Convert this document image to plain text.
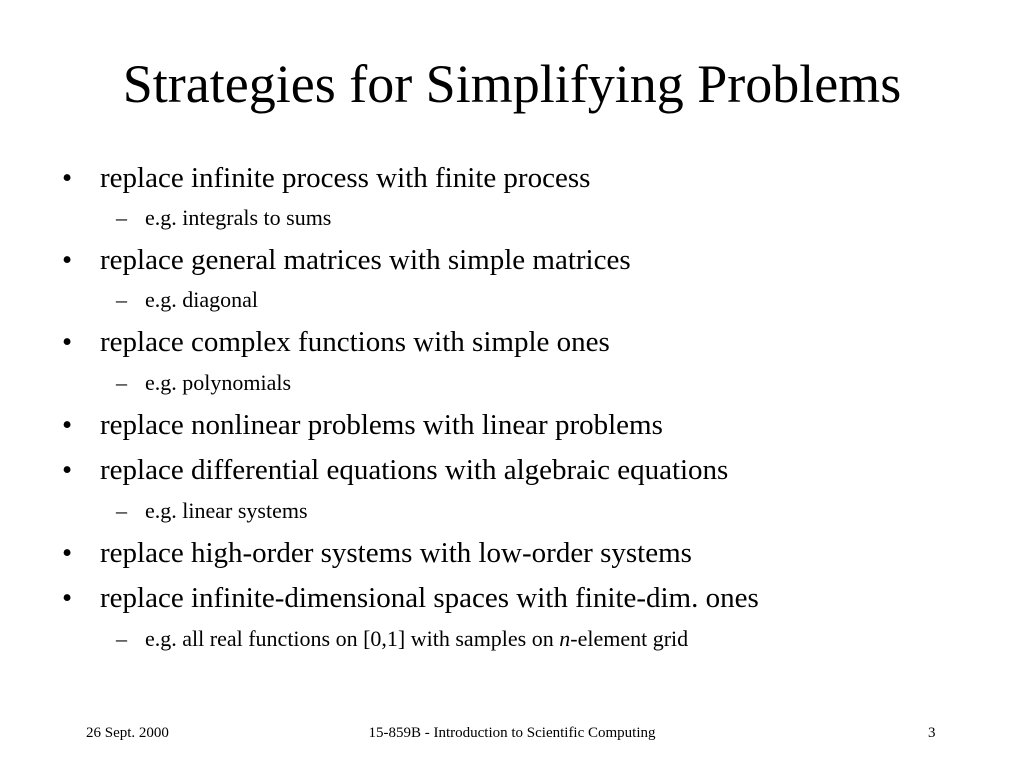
Strategies for Simplifying Problems
• replace infinite process with finite process
– e.g. integrals to sums
• replace general matrices with simple matrices
– e.g. diagonal
• replace complex functions with simple ones
– e.g. polynomials
• replace nonlinear problems with linear problems
• replace differential equations with algebraic equations
– e.g. linear systems
• replace high-order systems with low-order systems
• replace infinite-dimensional spaces with finite-dim. ones
– e.g. all real functions on [0,1] with samples on n-element grid
26 Sept. 2000	15-859B - Introduction to Scientific Computing	3
